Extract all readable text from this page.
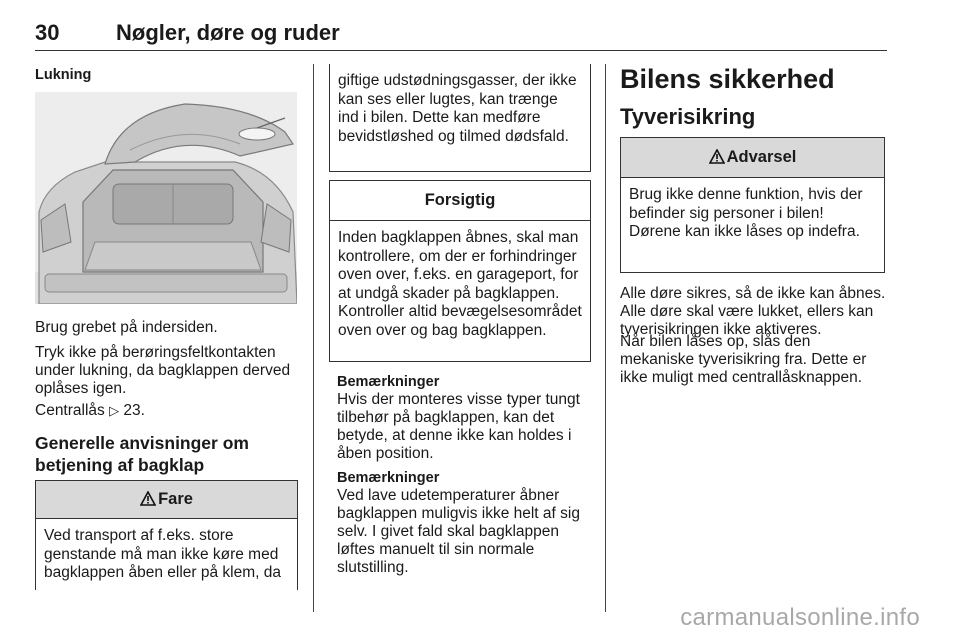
30	Nøgler, døre og ruder
Lukning

Brug grebet på indersiden.

Tryk ikke på berøringsfeltkontakten under lukning, da bagklappen derved oplåses igen.

Centrallås ▷ 23.

Generelle anvisninger om betjening af bagklap

Fare
Ved transport af f.eks. store genstande må man ikke køre med bagklappen åben eller på klem, da
giftige udstødningsgasser, der ikke kan ses eller lugtes, kan trænge ind i bilen. Dette kan medføre bevidstløshed og tilmed dødsfald.
Forsigtig
Inden bagklappen åbnes, skal man kontrollere, om der er forhindringer oven over, f.eks. en garageport, for at undgå skader på bagklappen. Kontroller altid bevægelsesområdet oven over og bag bagklappen.

Bemærkninger

Hvis der monteres visse typer tungt tilbehør på bagklappen, kan det betyde, at denne ikke kan holdes i åben position.

Bemærkninger

Ved lave udetemperaturer åbner bagklappen muligvis ikke helt af sig selv. I givet fald skal bagklappen løftes manuelt til sin normale slutstilling.

Bilens sikkerhed
Tyverisikring
Advarsel
Brug ikke denne funktion, hvis der befinder sig personer i bilen! Dørene kan ikke låses op indefra.

Alle døre sikres, så de ikke kan åbnes. Alle døre skal være lukket, ellers kan tyverisikringen ikke aktiveres.

Når bilen låses op, slås den mekaniske tyverisikring fra. Dette er ikke muligt med centrallåsknappen.

carmanualsonline.info
